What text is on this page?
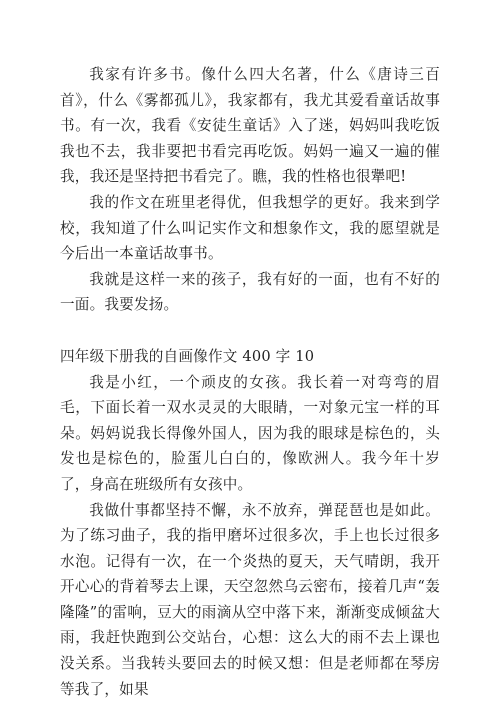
我家有许多书。像什么四大名著，什么《唐诗三百首》，什么《雾都孤儿》，我家都有，我尤其爱看童话故事书。有一次，我看《安徒生童话》入了迷，妈妈叫我吃饭我也不去，我非要把书看完再吃饭。妈妈一遍又一遍的催我，我还是坚持把书看完了。瞧，我的性格也很犟吧!

我的作文在班里老得优，但我想学的更好。我来到学校，我知道了什么叫记实作文和想象作文，我的愿望就是今后出一本童话故事书。

我就是这样一来的孩子，我有好的一面，也有不好的一面。我要发扬。

四年级下册我的自画像作文 400 字 10

我是小红，一个顽皮的女孩。我长着一对弯弯的眉毛，下面长着一双水灵灵的大眼睛，一对象元宝一样的耳朵。妈妈说我长得像外国人，因为我的眼球是棕色的，头发也是棕色的，脸蛋儿白白的，像欧洲人。我今年十岁了，身高在班级所有女孩中。

我做什事都坚持不懈，永不放弃，弹琵琶也是如此。为了练习曲子，我的指甲磨坏过很多次，手上也长过很多水泡。记得有一次，在一个炎热的夏天，天气晴朗，我开开心心的背着琴去上课，天空忽然乌云密布，接着几声“轰隆隆”的雷响，豆大的雨滴从空中落下来，渐渐变成倾盆大雨，我赶快跑到公交站台，心想：这么大的雨不去上课也没关系。当我转头要回去的时候又想：但是老师都在琴房等我了，如果
